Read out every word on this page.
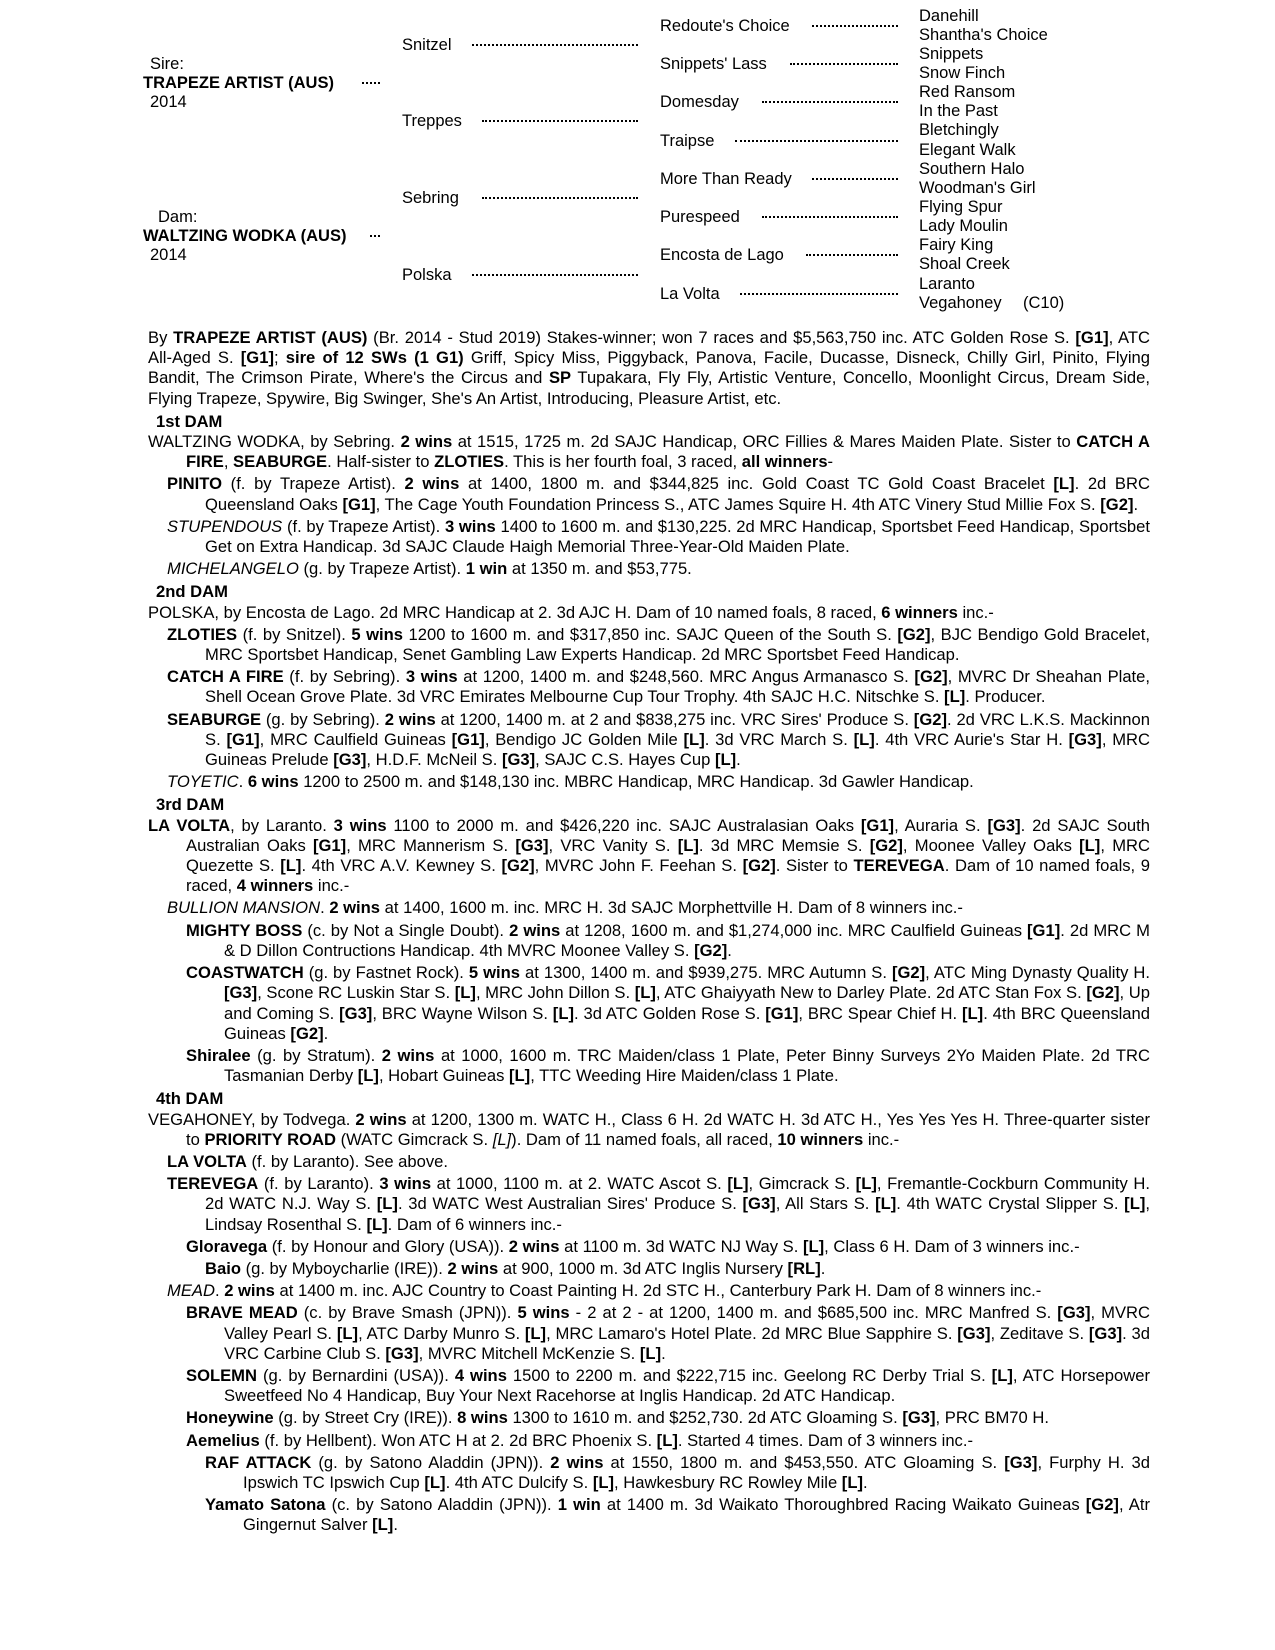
Sire:
TRAPEZE ARTIST (AUS)
2014
Dam:
WALTZING WODKA (AUS)
2014
Snitzel
Treppes
Sebring
Polska
Redoute's Choice
Snippets' Lass
Domesday
Traipse
More Than Ready
Purespeed
Encosta de Lago
La Volta
Danehill
Shantha's Choice
Snippets
Snow Finch
Red Ransom
In the Past
Bletchingly
Elegant Walk
Southern Halo
Woodman's Girl
Flying Spur
Lady Moulin
Fairy King
Shoal Creek
Laranto
Vegahoney (C10)
By TRAPEZE ARTIST (AUS) (Br. 2014 - Stud 2019) Stakes-winner; won 7 races and $5,563,750 inc. ATC Golden Rose S. [G1], ATC All-Aged S. [G1]; sire of 12 SWs (1 G1) Griff, Spicy Miss, Piggyback, Panova, Facile, Ducasse, Disneck, Chilly Girl, Pinito, Flying Bandit, The Crimson Pirate, Where's the Circus and SP Tupakara, Fly Fly, Artistic Venture, Concello, Moonlight Circus, Dream Side, Flying Trapeze, Spywire, Big Swinger, She's An Artist, Introducing, Pleasure Artist, etc.
1st DAM
WALTZING WODKA, by Sebring. 2 wins at 1515, 1725 m. 2d SAJC Handicap, ORC Fillies & Mares Maiden Plate. Sister to CATCH A FIRE, SEABURGE. Half-sister to ZLOTIES. This is her fourth foal, 3 raced, all winners-
PINITO (f. by Trapeze Artist). 2 wins at 1400, 1800 m. and $344,825 inc. Gold Coast TC Gold Coast Bracelet [L]. 2d BRC Queensland Oaks [G1], The Cage Youth Foundation Princess S., ATC James Squire H. 4th ATC Vinery Stud Millie Fox S. [G2].
STUPENDOUS (f. by Trapeze Artist). 3 wins 1400 to 1600 m. and $130,225. 2d MRC Handicap, Sportsbet Feed Handicap, Sportsbet Get on Extra Handicap. 3d SAJC Claude Haigh Memorial Three-Year-Old Maiden Plate.
MICHELANGELO (g. by Trapeze Artist). 1 win at 1350 m. and $53,775.
2nd DAM
POLSKA, by Encosta de Lago. 2d MRC Handicap at 2. 3d AJC H. Dam of 10 named foals, 8 raced, 6 winners inc.-
ZLOTIES (f. by Snitzel). 5 wins 1200 to 1600 m. and $317,850 inc. SAJC Queen of the South S. [G2], BJC Bendigo Gold Bracelet, MRC Sportsbet Handicap, Senet Gambling Law Experts Handicap. 2d MRC Sportsbet Feed Handicap.
CATCH A FIRE (f. by Sebring). 3 wins at 1200, 1400 m. and $248,560. MRC Angus Armanasco S. [G2], MVRC Dr Sheahan Plate, Shell Ocean Grove Plate. 3d VRC Emirates Melbourne Cup Tour Trophy. 4th SAJC H.C. Nitschke S. [L]. Producer.
SEABURGE (g. by Sebring). 2 wins at 1200, 1400 m. at 2 and $838,275 inc. VRC Sires' Produce S. [G2]. 2d VRC L.K.S. Mackinnon S. [G1], MRC Caulfield Guineas [G1], Bendigo JC Golden Mile [L]. 3d VRC March S. [L]. 4th VRC Aurie's Star H. [G3], MRC Guineas Prelude [G3], H.D.F. McNeil S. [G3], SAJC C.S. Hayes Cup [L].
TOYETIC. 6 wins 1200 to 2500 m. and $148,130 inc. MBRC Handicap, MRC Handicap. 3d Gawler Handicap.
3rd DAM
LA VOLTA, by Laranto. 3 wins 1100 to 2000 m. and $426,220 inc. SAJC Australasian Oaks [G1], Auraria S. [G3]. 2d SAJC South Australian Oaks [G1], MRC Mannerism S. [G3], VRC Vanity S. [L]. 3d MRC Memsie S. [G2], Moonee Valley Oaks [L], MRC Quezette S. [L]. 4th VRC A.V. Kewney S. [G2], MVRC John F. Feehan S. [G2]. Sister to TEREVEGA. Dam of 10 named foals, 9 raced, 4 winners inc.-
BULLION MANSION. 2 wins at 1400, 1600 m. inc. MRC H. 3d SAJC Morphettville H. Dam of 8 winners inc.-
MIGHTY BOSS (c. by Not a Single Doubt). 2 wins at 1208, 1600 m. and $1,274,000 inc. MRC Caulfield Guineas [G1]. 2d MRC M & D Dillon Contructions Handicap. 4th MVRC Moonee Valley S. [G2].
COASTWATCH (g. by Fastnet Rock). 5 wins at 1300, 1400 m. and $939,275. MRC Autumn S. [G2], ATC Ming Dynasty Quality H. [G3], Scone RC Luskin Star S. [L], MRC John Dillon S. [L], ATC Ghaiyyath New to Darley Plate. 2d ATC Stan Fox S. [G2], Up and Coming S. [G3], BRC Wayne Wilson S. [L]. 3d ATC Golden Rose S. [G1], BRC Spear Chief H. [L]. 4th BRC Queensland Guineas [G2].
Shiralee (g. by Stratum). 2 wins at 1000, 1600 m. TRC Maiden/class 1 Plate, Peter Binny Surveys 2Yo Maiden Plate. 2d TRC Tasmanian Derby [L], Hobart Guineas [L], TTC Weeding Hire Maiden/class 1 Plate.
4th DAM
VEGAHONEY, by Todvega. 2 wins at 1200, 1300 m. WATC H., Class 6 H. 2d WATC H. 3d ATC H., Yes Yes Yes H. Three-quarter sister to PRIORITY ROAD (WATC Gimcrack S. [L]). Dam of 11 named foals, all raced, 10 winners inc.-
LA VOLTA (f. by Laranto). See above.
TEREVEGA (f. by Laranto). 3 wins at 1000, 1100 m. at 2. WATC Ascot S. [L], Gimcrack S. [L], Fremantle-Cockburn Community H. 2d WATC N.J. Way S. [L]. 3d WATC West Australian Sires' Produce S. [G3], All Stars S. [L]. 4th WATC Crystal Slipper S. [L], Lindsay Rosenthal S. [L]. Dam of 6 winners inc.-
Gloravega (f. by Honour and Glory (USA)). 2 wins at 1100 m. 3d WATC NJ Way S. [L], Class 6 H. Dam of 3 winners inc.-
Baio (g. by Myboycharlie (IRE)). 2 wins at 900, 1000 m. 3d ATC Inglis Nursery [RL].
MEAD. 2 wins at 1400 m. inc. AJC Country to Coast Painting H. 2d STC H., Canterbury Park H. Dam of 8 winners inc.-
BRAVE MEAD (c. by Brave Smash (JPN)). 5 wins - 2 at 2 - at 1200, 1400 m. and $685,500 inc. MRC Manfred S. [G3], MVRC Valley Pearl S. [L], ATC Darby Munro S. [L], MRC Lamaro's Hotel Plate. 2d MRC Blue Sapphire S. [G3], Zeditave S. [G3]. 3d VRC Carbine Club S. [G3], MVRC Mitchell McKenzie S. [L].
SOLEMN (g. by Bernardini (USA)). 4 wins 1500 to 2200 m. and $222,715 inc. Geelong RC Derby Trial S. [L], ATC Horsepower Sweetfeed No 4 Handicap, Buy Your Next Racehorse at Inglis Handicap. 2d ATC Handicap.
Honeywine (g. by Street Cry (IRE)). 8 wins 1300 to 1610 m. and $252,730. 2d ATC Gloaming S. [G3], PRC BM70 H.
Aemelius (f. by Hellbent). Won ATC H at 2. 2d BRC Phoenix S. [L]. Started 4 times. Dam of 3 winners inc.-
RAF ATTACK (g. by Satono Aladdin (JPN)). 2 wins at 1550, 1800 m. and $453,550. ATC Gloaming S. [G3], Furphy H. 3d Ipswich TC Ipswich Cup [L]. 4th ATC Dulcify S. [L], Hawkesbury RC Rowley Mile [L].
Yamato Satona (c. by Satono Aladdin (JPN)). 1 win at 1400 m. 3d Waikato Thoroughbred Racing Waikato Guineas [G2], Atr Gingernut Salver [L].
